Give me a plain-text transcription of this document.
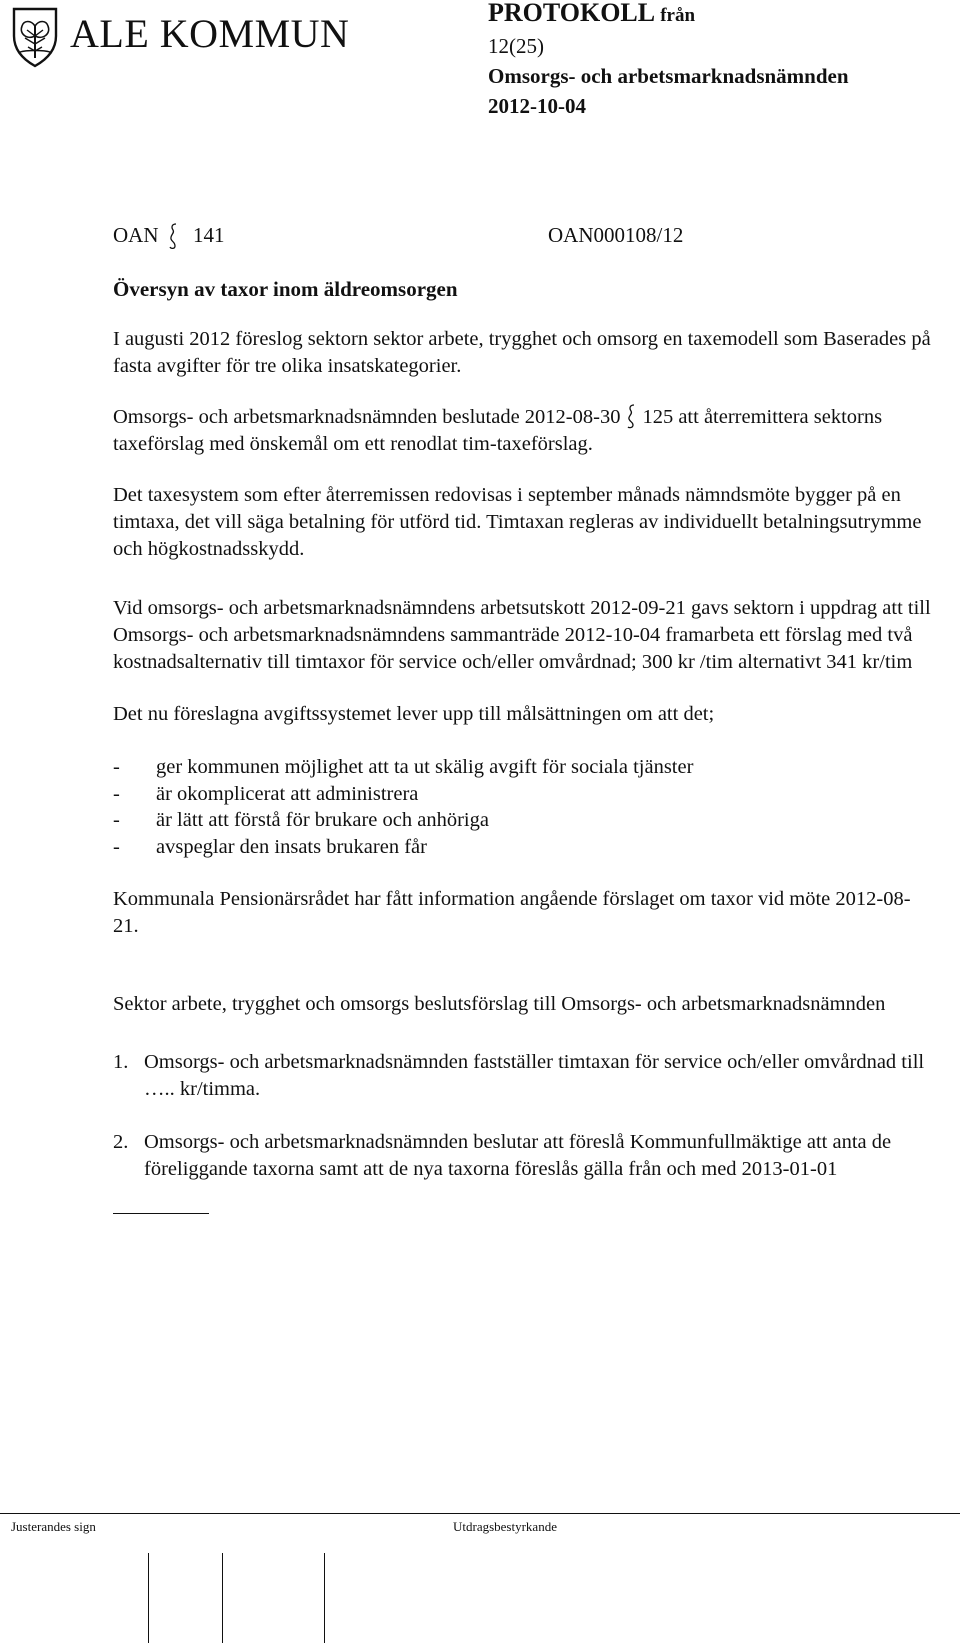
ALE KOMMUN	PROTOKOLL från
12(25)
Omsorgs- och arbetsmarknadsnämnden
2012-10-04
OAN 141	OAN000108/12
Översyn av taxor inom äldreomsorgen

I augusti 2012 föreslog sektorn sektor arbete, trygghet och omsorg en taxemodell som Baserades på fasta avgifter för tre olika insatskategorier.

Omsorgs- och arbetsmarknadsnämnden beslutade 2012-08-30 125 att återremittera sektorns taxeförslag med önskemål om ett renodlat tim-taxeförslag.

Det taxesystem som efter återremissen redovisas i september månads nämndsmöte bygger på en timtaxa, det vill säga betalning för utförd tid. Timtaxan regleras av individuellt betalningsutrymme och högkostnadsskydd.

Vid omsorgs- och arbetsmarknadsnämndens arbetsutskott 2012-09-21 gavs sektorn i uppdrag att till Omsorgs- och arbetsmarknadsnämndens sammanträde 2012-10-04 framarbeta ett förslag med två kostnadsalternativ till timtaxor för service och/eller omvårdnad; 300 kr /tim alternativt 341 kr/tim

Det nu föreslagna avgiftssystemet lever upp till målsättningen om att det;

- ger kommunen möjlighet att ta ut skälig avgift för sociala tjänster
- är okomplicerat att administrera
- är lätt att förstå för brukare och anhöriga
- avspeglar den insats brukaren får

Kommunala Pensionärsrådet har fått information angående förslaget om taxor vid möte 2012-08-21.

Sektor arbete, trygghet och omsorgs beslutsförslag till Omsorgs- och arbetsmarknadsnämnden

1. Omsorgs- och arbetsmarknadsnämnden fastställer timtaxan för service och/eller omvårdnad till ….. kr/timma.
2. Omsorgs- och arbetsmarknadsnämnden beslutar att föreslå Kommunfullmäktige att anta de föreliggande taxorna samt att de nya taxorna föreslås gälla från och med 2013-01-01
Justerandes sign	Utdragsbestyrkande
